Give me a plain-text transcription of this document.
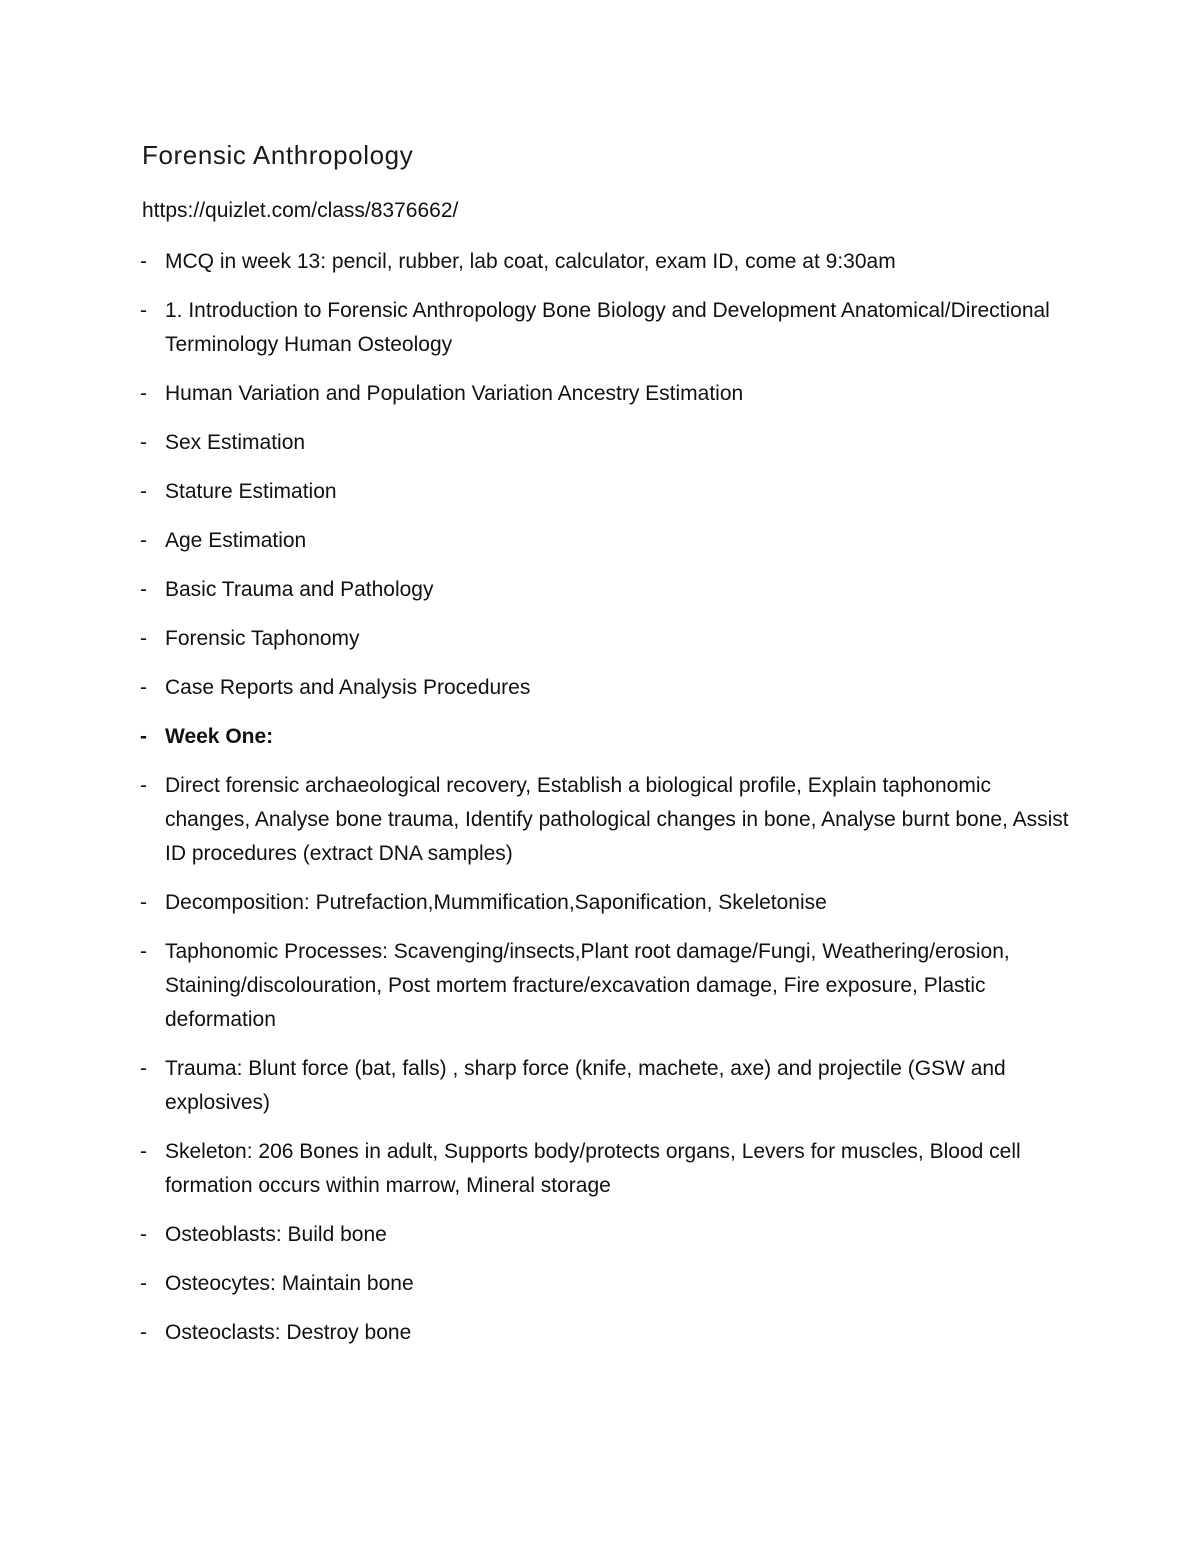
Forensic Anthropology
https://quizlet.com/class/8376662/
- MCQ in week 13: pencil, rubber, lab coat, calculator, exam ID, come at 9:30am
- 1. Introduction to Forensic Anthropology Bone Biology and Development Anatomical/Directional Terminology Human Osteology
- Human Variation and Population Variation Ancestry Estimation
- Sex Estimation
- Stature Estimation
- Age Estimation
- Basic Trauma and Pathology
- Forensic Taphonomy
- Case Reports and Analysis Procedures
- Week One:
- Direct forensic archaeological recovery, Establish a biological profile, Explain taphonomic changes, Analyse bone trauma, Identify pathological changes in bone, Analyse burnt bone, Assist ID procedures (extract DNA samples)
- Decomposition: Putrefaction,Mummification,Saponification, Skeletonise
- Taphonomic Processes: Scavenging/insects,Plant root damage/Fungi, Weathering/erosion, Staining/discolouration, Post mortem fracture/excavation damage, Fire exposure, Plastic deformation
- Trauma: Blunt force (bat, falls) , sharp force (knife, machete, axe) and projectile (GSW and explosives)
- Skeleton: 206 Bones in adult, Supports body/protects organs, Levers for muscles, Blood cell formation occurs within marrow, Mineral storage
- Osteoblasts: Build bone
- Osteocytes: Maintain bone
- Osteoclasts: Destroy bone
